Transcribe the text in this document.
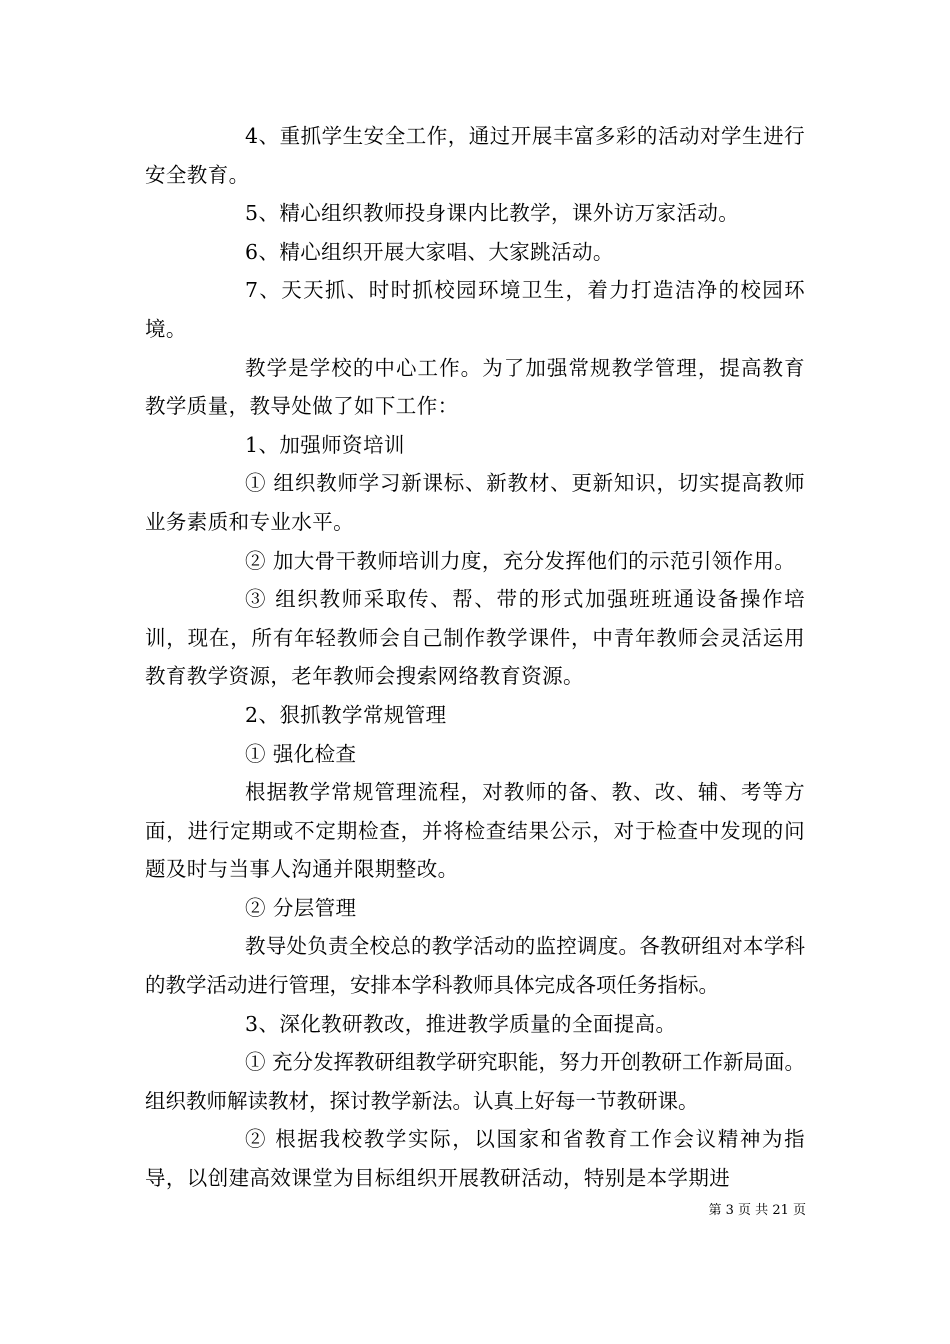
4、重抓学生安全工作，通过开展丰富多彩的活动对学生进行安全教育。

5、精心组织教师投身课内比教学，课外访万家活动。

6、精心组织开展大家唱、大家跳活动。

7、天天抓、时时抓校园环境卫生，着力打造洁净的校园环境。

教学是学校的中心工作。为了加强常规教学管理，提高教育教学质量，教导处做了如下工作：

1、加强师资培训

① 组织教师学习新课标、新教材、更新知识，切实提高教师业务素质和专业水平。

② 加大骨干教师培训力度，充分发挥他们的示范引领作用。

③ 组织教师采取传、帮、带的形式加强班班通设备操作培训，现在，所有年轻教师会自己制作教学课件，中青年教师会灵活运用教育教学资源，老年教师会搜索网络教育资源。

2、狠抓教学常规管理

① 强化检查

根据教学常规管理流程，对教师的备、教、改、辅、考等方面，进行定期或不定期检查，并将检查结果公示，对于检查中发现的问题及时与当事人沟通并限期整改。

② 分层管理

教导处负责全校总的教学活动的监控调度。各教研组对本学科的教学活动进行管理，安排本学科教师具体完成各项任务指标。

3、深化教研教改，推进教学质量的全面提高。

① 充分发挥教研组教学研究职能，努力开创教研工作新局面。组织教师解读教材，探讨教学新法。认真上好每一节教研课。

② 根据我校教学实际，以国家和省教育工作会议精神为指导，以创建高效课堂为目标组织开展教研活动，特别是本学期进

第 3 页 共 21 页
